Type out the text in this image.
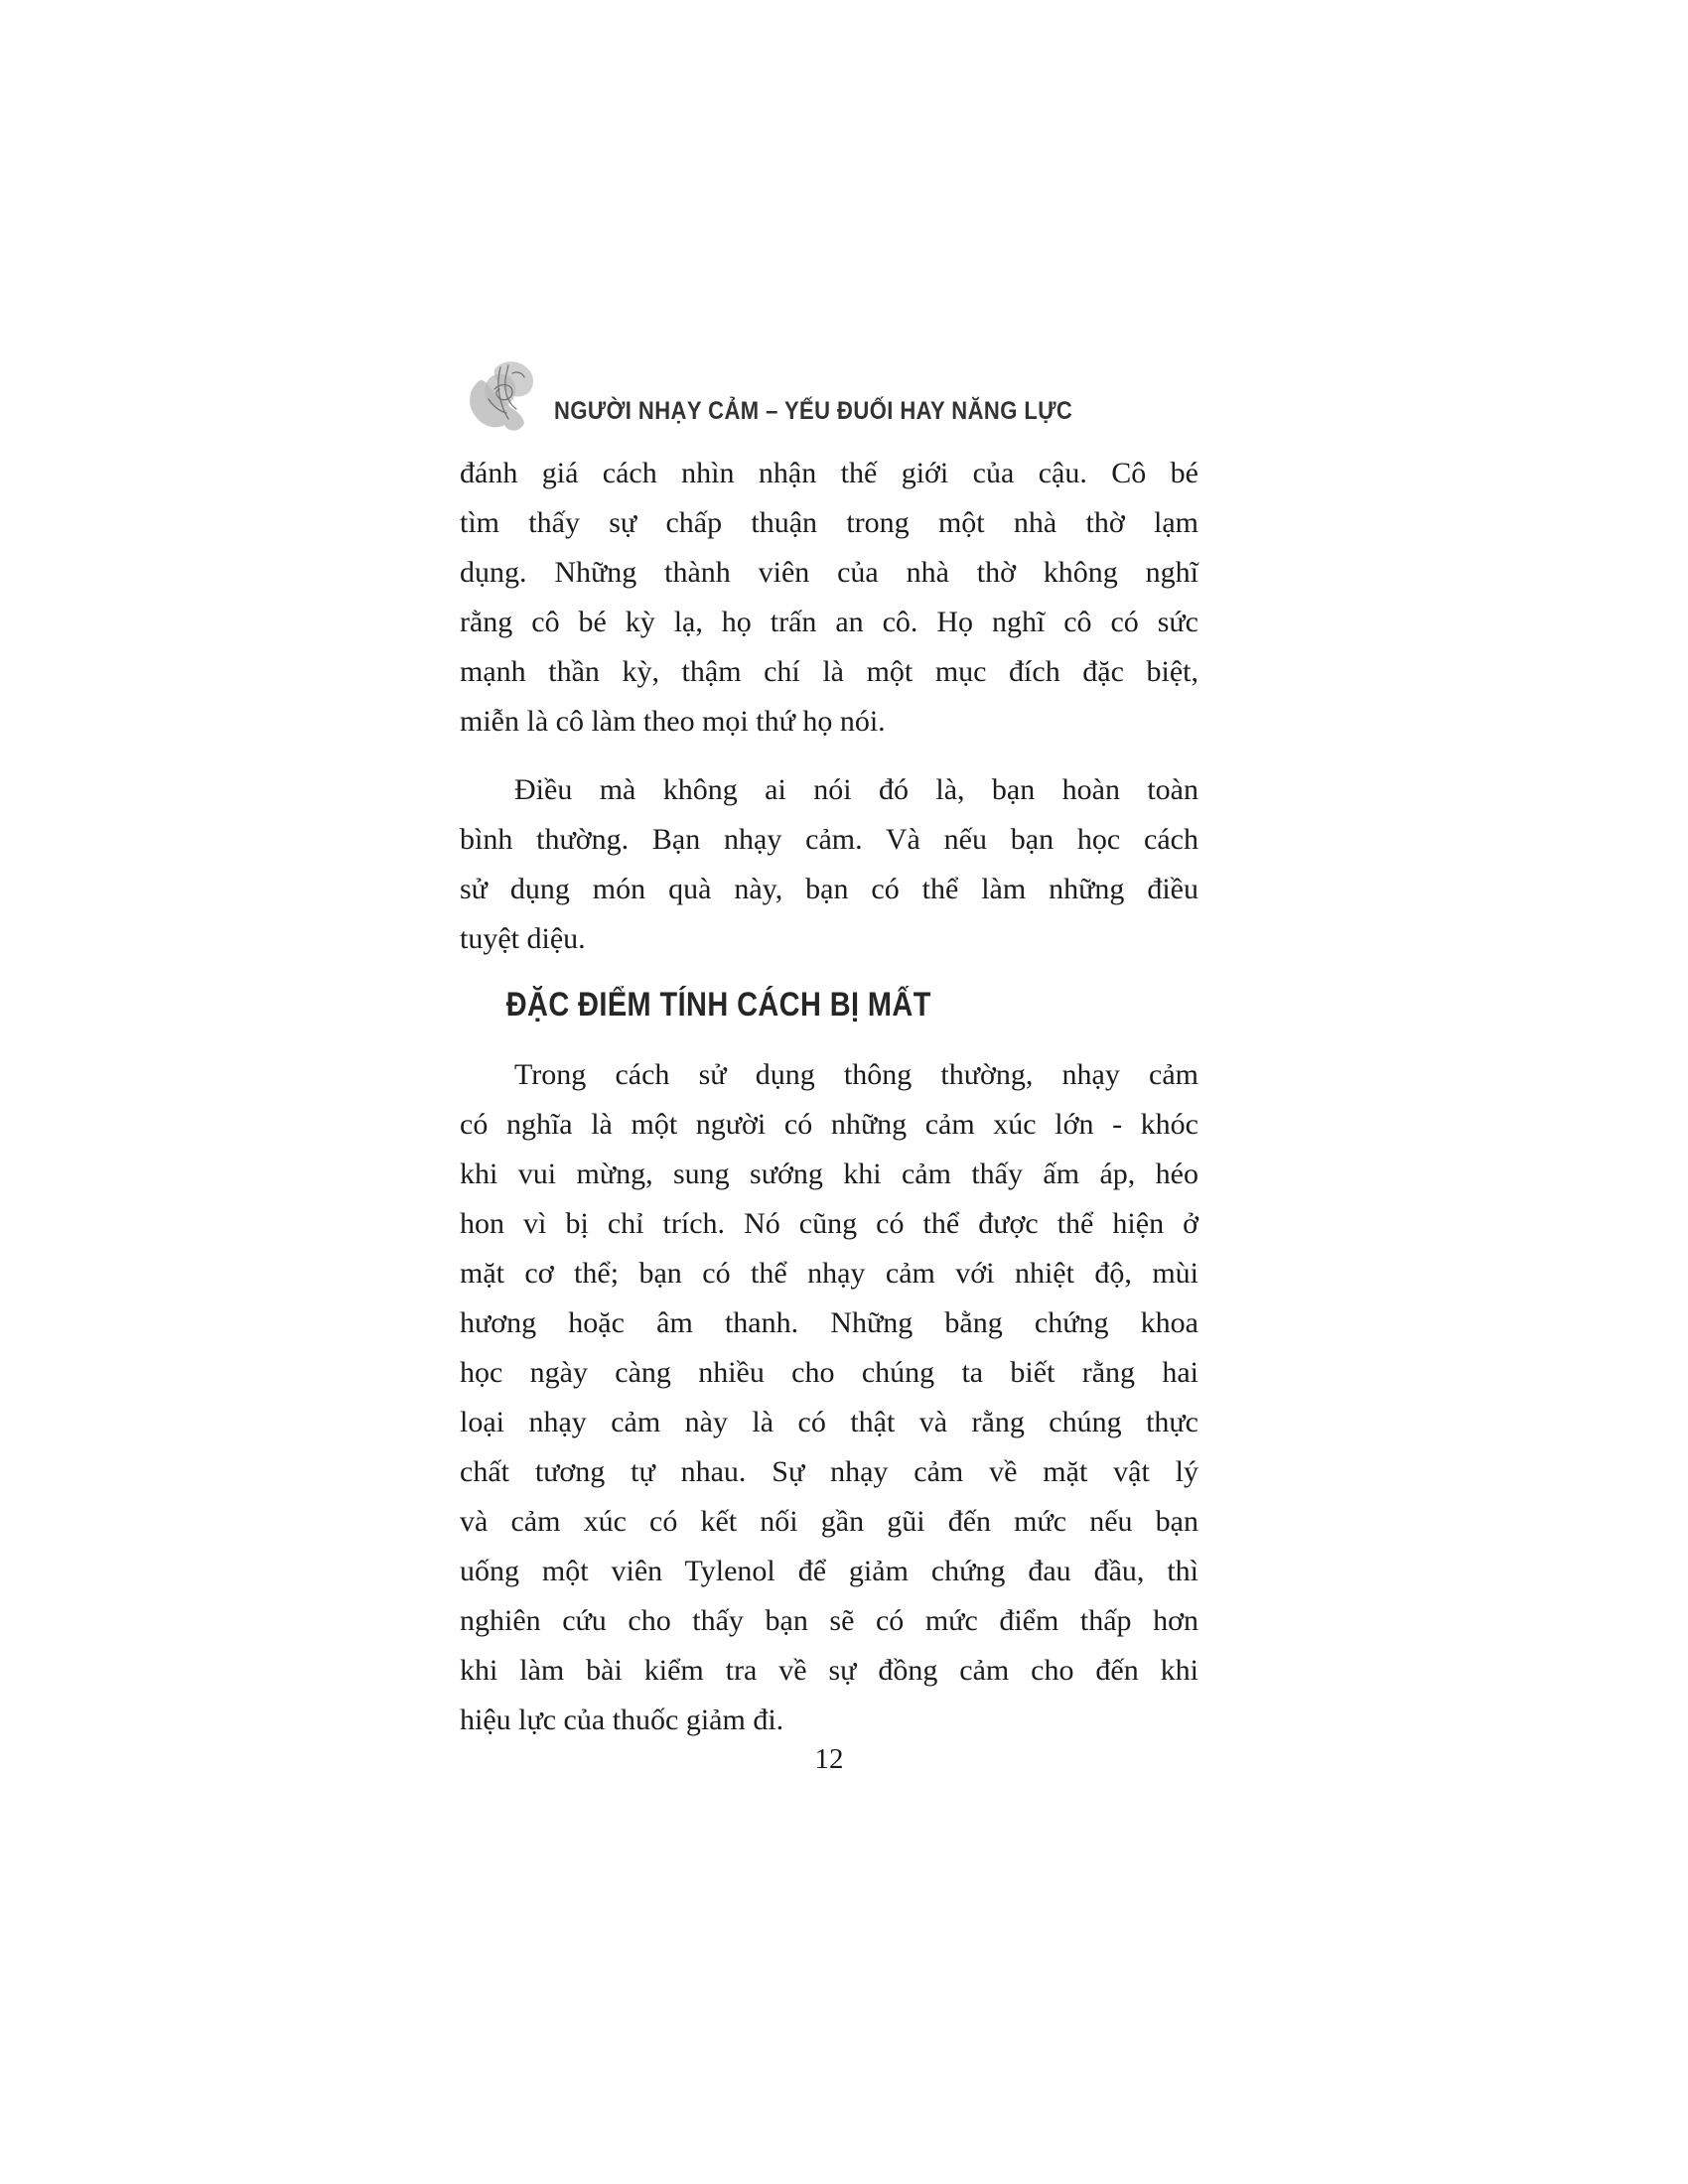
NGƯỜI NHẠY CẢM – YẾU ĐUỐI HAY NĂNG LỰC
đánh giá cách nhìn nhận thế giới của cậu. Cô bé
tìm thấy sự chấp thuận trong một nhà thờ lạm
dụng. Những thành viên của nhà thờ không nghĩ
rằng cô bé kỳ lạ, họ trấn an cô. Họ nghĩ cô có sức
mạnh thần kỳ, thậm chí là một mục đích đặc biệt,
miễn là cô làm theo mọi thứ họ nói.
Điều mà không ai nói đó là, bạn hoàn toàn
bình thường. Bạn nhạy cảm. Và nếu bạn học cách
sử dụng món quà này, bạn có thể làm những điều
tuyệt diệu.
ĐẶC ĐIỂM TÍNH CÁCH BỊ MẤT
Trong cách sử dụng thông thường, nhạy cảm
có nghĩa là một người có những cảm xúc lớn - khóc
khi vui mừng, sung sướng khi cảm thấy ấm áp, héo
hon vì bị chỉ trích. Nó cũng có thể được thể hiện ở
mặt cơ thể; bạn có thể nhạy cảm với nhiệt độ, mùi
hương hoặc âm thanh. Những bằng chứng khoa
học ngày càng nhiều cho chúng ta biết rằng hai
loại nhạy cảm này là có thật và rằng chúng thực
chất tương tự nhau. Sự nhạy cảm về mặt vật lý
và cảm xúc có kết nối gần gũi đến mức nếu bạn
uống một viên Tylenol để giảm chứng đau đầu, thì
nghiên cứu cho thấy bạn sẽ có mức điểm thấp hơn
khi làm bài kiểm tra về sự đồng cảm cho đến khi
hiệu lực của thuốc giảm đi.
12
